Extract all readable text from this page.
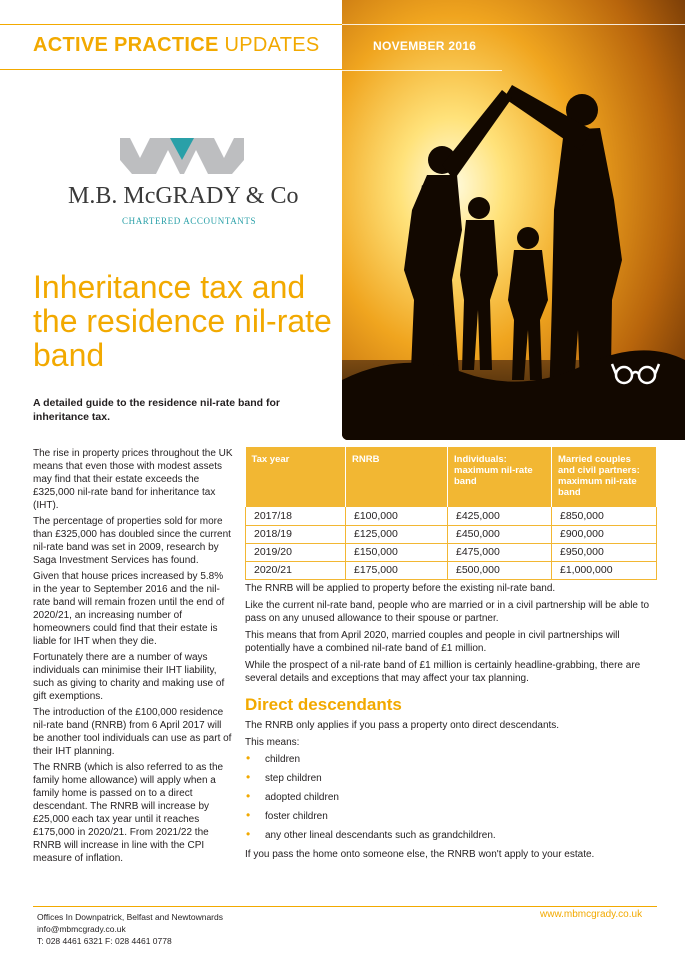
ACTIVE PRACTICE UPDATES	NOVEMBER 2016
M.B. McGRADY & Co
CHARTERED ACCOUNTANTS
Inheritance tax and the residence nil-rate band

A detailed guide to the residence nil-rate band for inheritance tax.

The rise in property prices throughout the UK means that even those with modest assets may find that their estate exceeds the £325,000 nil-rate band for inheritance tax (IHT).

The percentage of properties sold for more than £325,000 has doubled since the current nil-rate band was set in 2009, research by Saga Investment Services has found.

Given that house prices increased by 5.8% in the year to September 2016 and the nil-rate band will remain frozen until the end of 2020/21, an increasing number of homeowners could find that their estate is liable for IHT when they die.

Fortunately there are a number of ways individuals can minimise their IHT liability, such as giving to charity and making use of gift exemptions.

The introduction of the £100,000 residence nil-rate band (RNRB) from 6 April 2017 will be another tool individuals can use as part of their IHT planning.

The RNRB (which is also referred to as the family home allowance) will apply when a family home is passed on to a direct descendant. The RNRB will increase by £25,000 each tax year until it reaches £175,000 in 2020/21. From 2021/22 the RNRB will increase in line with the CPI measure of inflation.

Tax year	RNRB	Individuals: maximum nil-rate band	Married couples and civil partners: maximum nil-rate band
2017/18	£100,000	£425,000	£850,000
2018/19	£125,000	£450,000	£900,000
2019/20	£150,000	£475,000	£950,000
2020/21	£175,000	£500,000	£1,000,000

The RNRB will be applied to property before the existing nil-rate band.

Like the current nil-rate band, people who are married or in a civil partnership will be able to pass on any unused allowance to their spouse or partner.

This means that from April 2020, married couples and people in civil partnerships will potentially have a combined nil-rate band of £1 million.

While the prospect of a nil-rate band of £1 million is certainly headline-grabbing, there are several details and exceptions that may affect your tax planning.

Direct descendants

The RNRB only applies if you pass a property onto direct descendants.

This means:

• children
• step children
• adopted children
• foster children
• any other lineal descendants such as grandchildren.

If you pass the home onto someone else, the RNRB won't apply to your estate.

Offices In Downpatrick, Belfast and Newtownards
info@mbmcgrady.co.uk
T: 028 4461 6321 F: 028 4461 0778
www.mbmcgrady.co.uk
